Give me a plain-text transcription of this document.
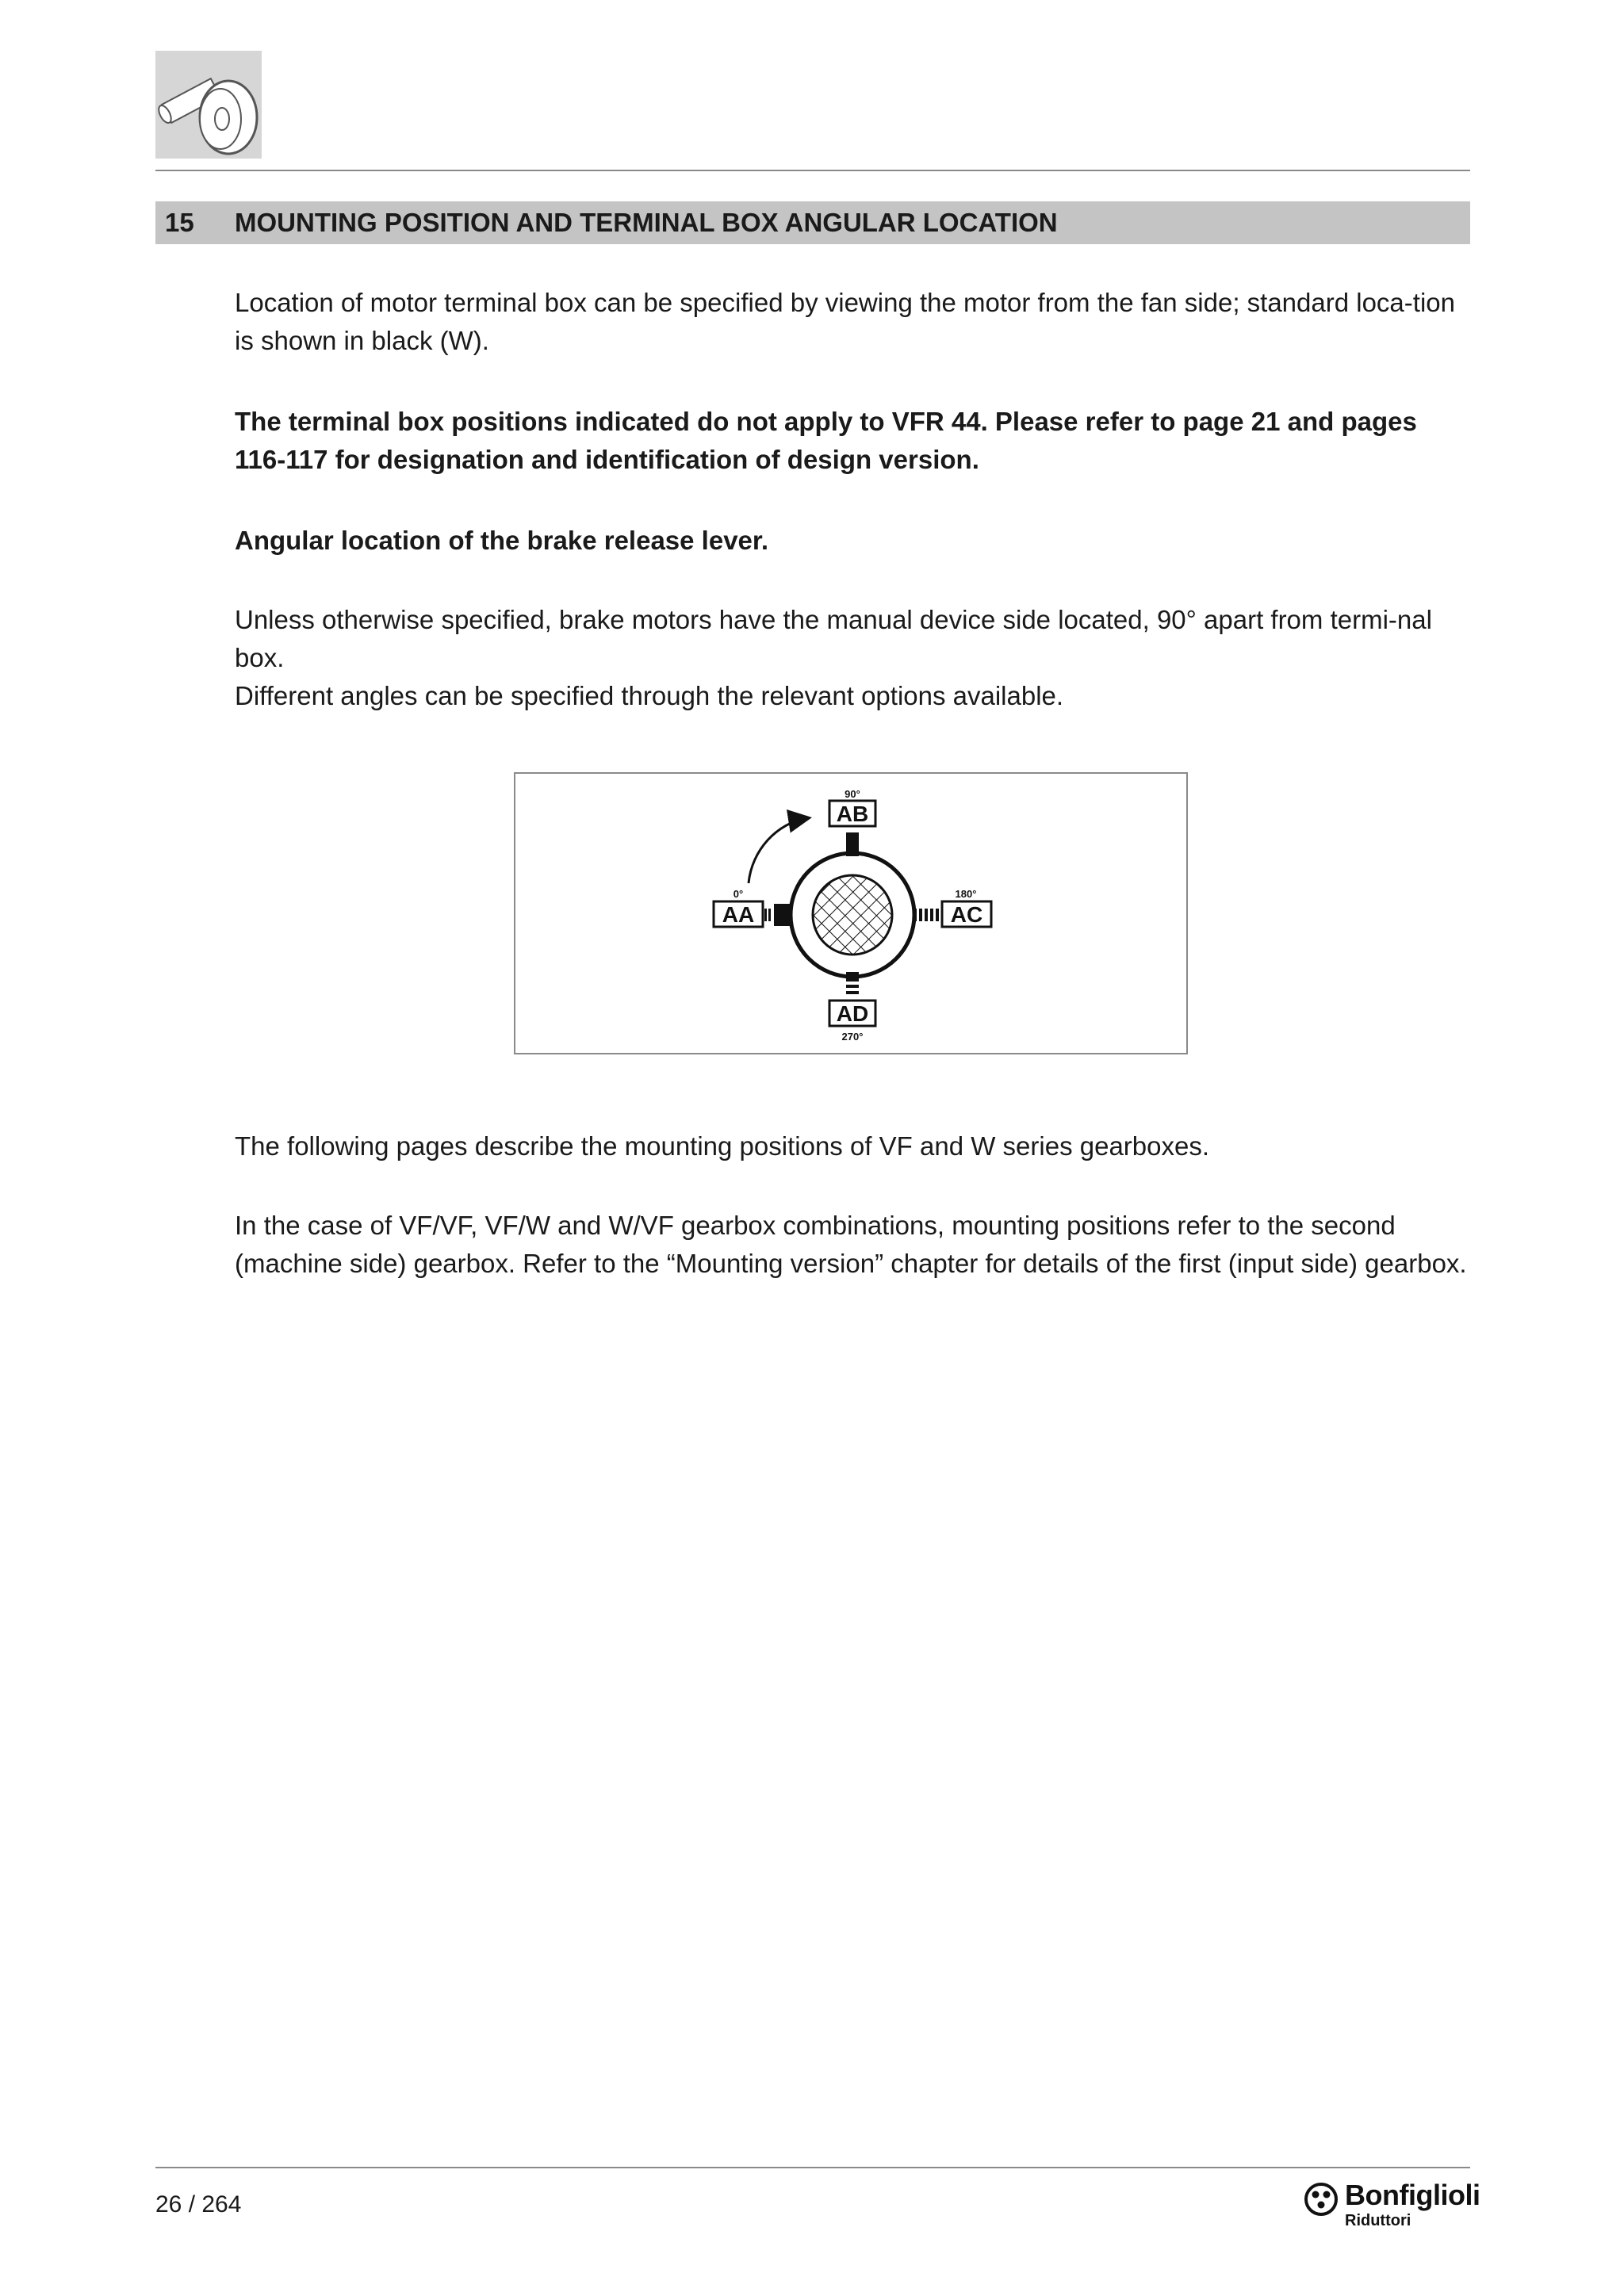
15	MOUNTING POSITION AND TERMINAL BOX ANGULAR LOCATION

Location of motor terminal box can be specified by viewing the motor from the fan side; standard loca-tion is shown in black (W).

The terminal box positions indicated do not apply to VFR 44. Please refer to page 21 and pages 116-117 for designation and identification of design version.

Angular location of the brake release lever.

Unless otherwise specified, brake motors have the manual device side located, 90° apart from termi-nal box.

Different angles can be specified through the relevant options available.

90°
AB
0°
AA
180°
AC
AD
270°

The following pages describe the mounting positions of VF and W series gearboxes.

In the case of VF/VF, VF/W and W/VF gearbox combinations, mounting positions refer to the second (machine side) gearbox. Refer to the “Mounting version” chapter for details of the first (input side) gearbox.

26 / 264	Bonfiglioli
Riduttori
